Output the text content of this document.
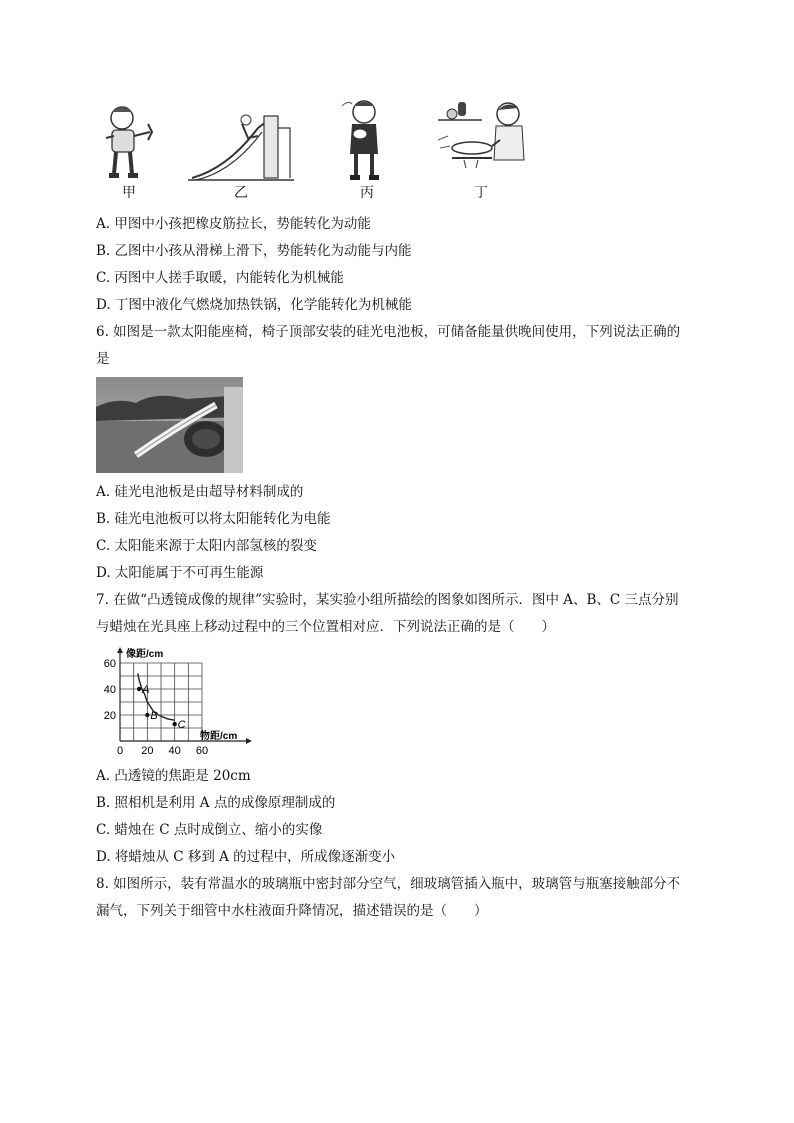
甲	乙	丙	丁
A. 甲图中小孩把橡皮筋拉长，势能转化为动能
B. 乙图中小孩从滑梯上滑下，势能转化为动能与内能
C. 丙图中人搓手取暖，内能转化为机械能
D. 丁图中液化气燃烧加热铁锅，化学能转化为机械能
6. 如图是一款太阳能座椅，椅子顶部安装的硅光电池板，可储备能量供晚间使用，下列说法正确的
是
A. 硅光电池板是由超导材料制成的
B. 硅光电池板可以将太阳能转化为电能
C. 太阳能来源于太阳内部氢核的裂变
D. 太阳能属于不可再生能源
7. 在做“凸透镜成像的规律”实验时，某实验小组所描绘的图象如图所示．图中 A、B、C 三点分别
与蜡烛在光具座上移动过程中的三个位置相对应．下列说法正确的是（　　）
A
B
C
0 20 40 60
20
40
60
像距/cm
物距/cm
A. 凸透镜的焦距是 20cm
B. 照相机是利用 A 点的成像原理制成的
C. 蜡烛在 C 点时成倒立、缩小的实像
D. 将蜡烛从 C 移到 A 的过程中，所成像逐渐变小
8. 如图所示，装有常温水的玻璃瓶中密封部分空气，细玻璃管插入瓶中，玻璃管与瓶塞接触部分不
漏气，下列关于细管中水柱液面升降情况，描述错误的是（　　）
